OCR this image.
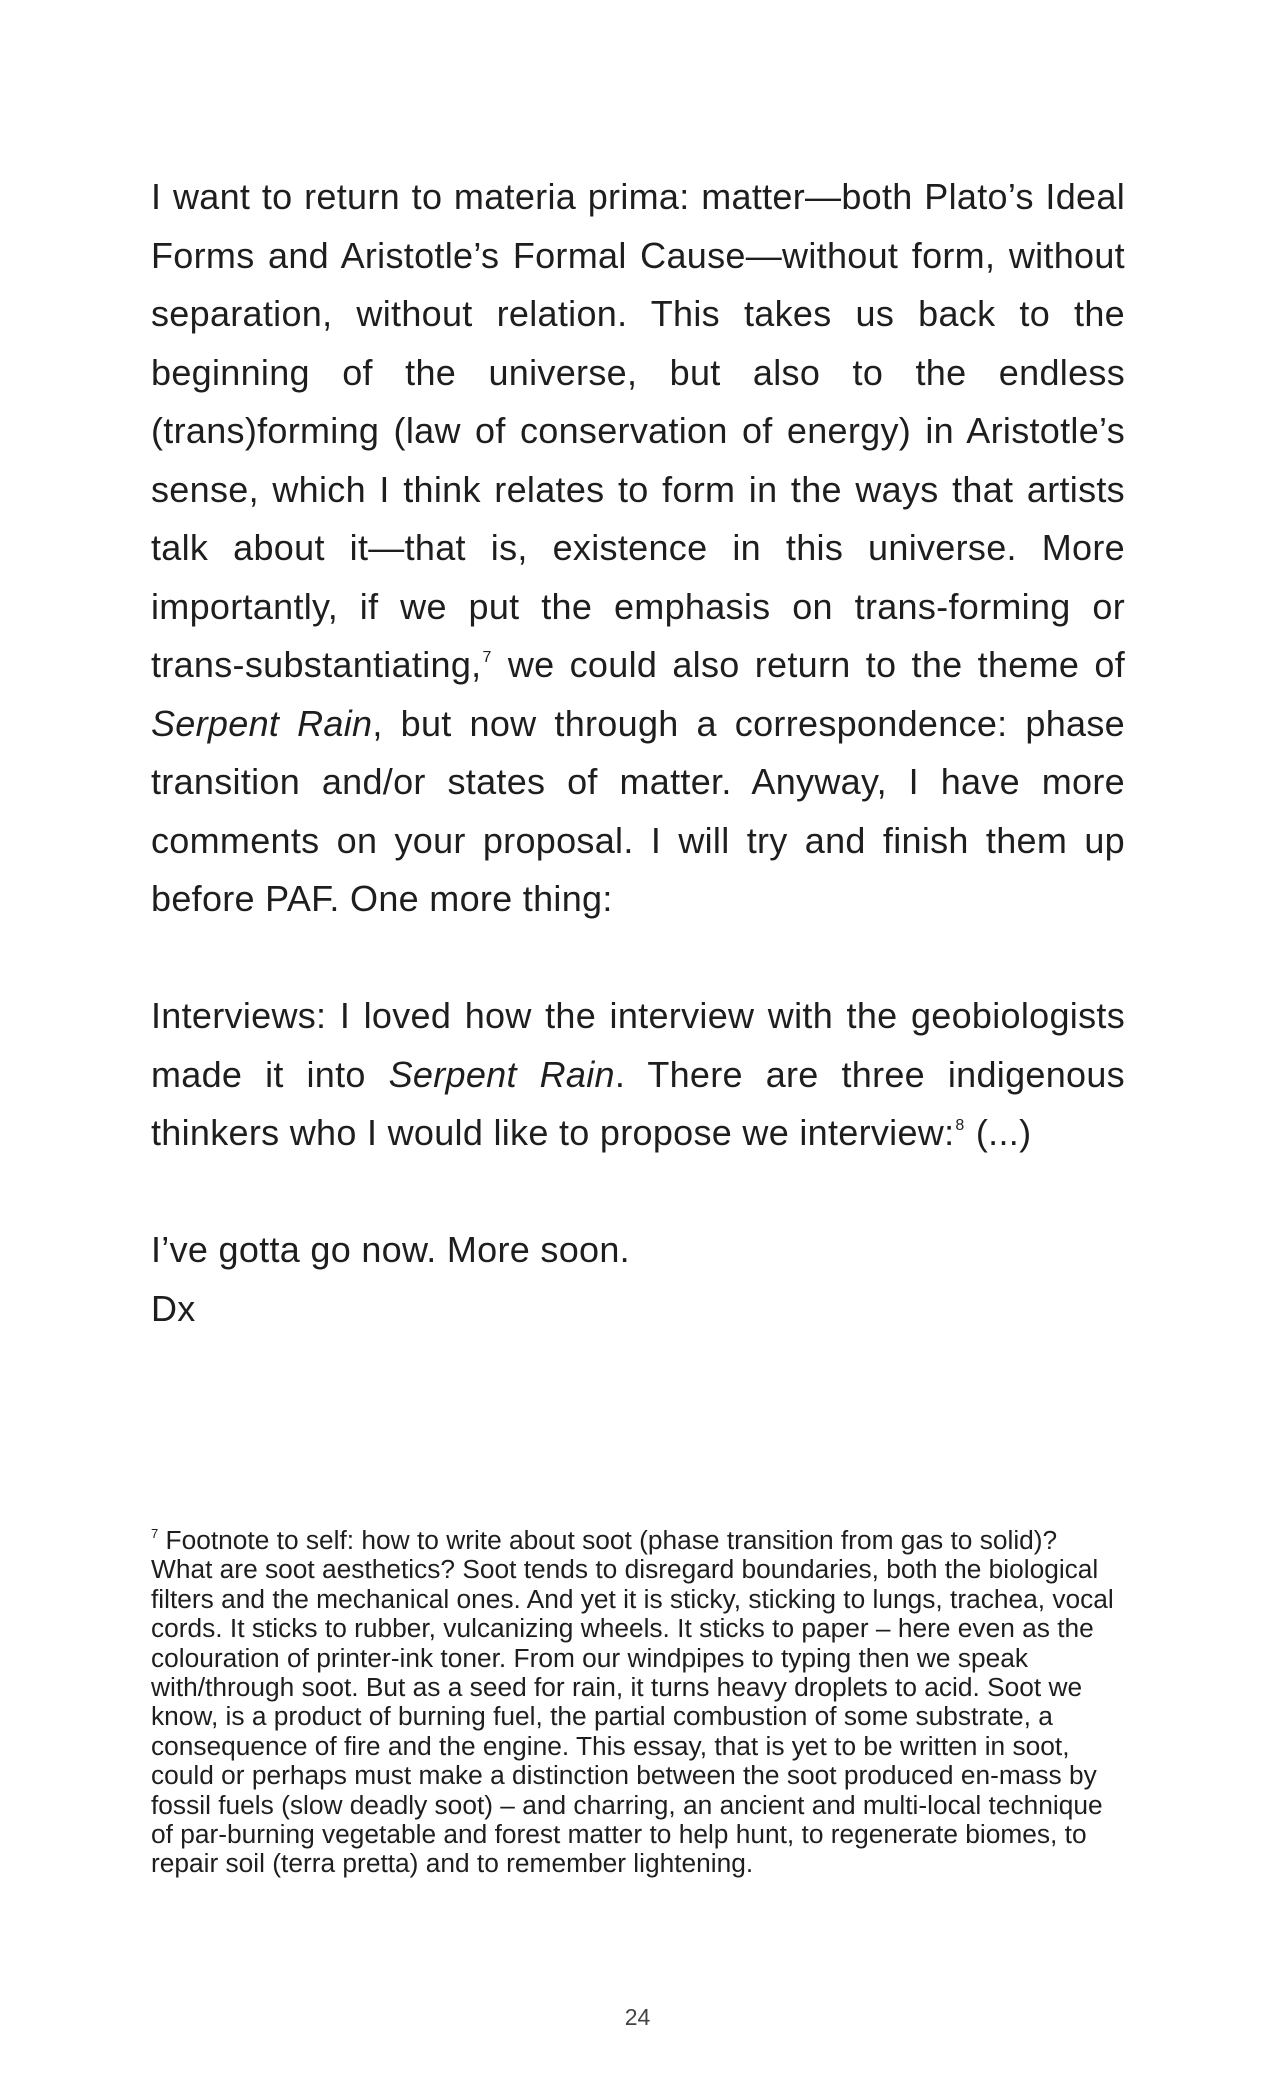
I want to return to materia prima: matter—both Plato’s Ideal Forms and Aristotle’s Formal Cause—without form, without separation, without relation. This takes us back to the beginning of the universe, but also to the endless (trans)forming (law of conservation of energy) in Aristotle’s sense, which I think relates to form in the ways that artists talk about it—that is, existence in this universe. More importantly, if we put the emphasis on trans-forming or trans-substantiating,$^7$ we could also return to the theme of Serpent Rain, but now through a correspondence: phase transition and/or states of matter. Anyway, I have more comments on your proposal. I will try and finish them up before PAF. One more thing:

Interviews: I loved how the interview with the geobiologists made it into Serpent Rain. There are three indigenous thinkers who I would like to propose we interview:$^8$ (...)

I’ve gotta go now. More soon.

Dx

$^7$ Footnote to self: how to write about soot (phase transition from gas to solid)? What are soot aesthetics? Soot tends to disregard boundaries, both the biological filters and the mechanical ones. And yet it is sticky, sticking to lungs, trachea, vocal cords. It sticks to rubber, vulcanizing wheels. It sticks to paper – here even as the colouration of printer-ink toner. From our windpipes to typing then we speak with/through soot. But as a seed for rain, it turns heavy droplets to acid. Soot we know, is a product of burning fuel, the partial combustion of some substrate, a consequence of fire and the engine. This essay, that is yet to be written in soot, could or perhaps must make a distinction between the soot produced en-mass by fossil fuels (slow deadly soot) – and charring, an ancient and multi-local technique of par-burning vegetable and forest matter to help hunt, to regenerate biomes, to repair soil (terra pretta) and to remember lightening.
24
